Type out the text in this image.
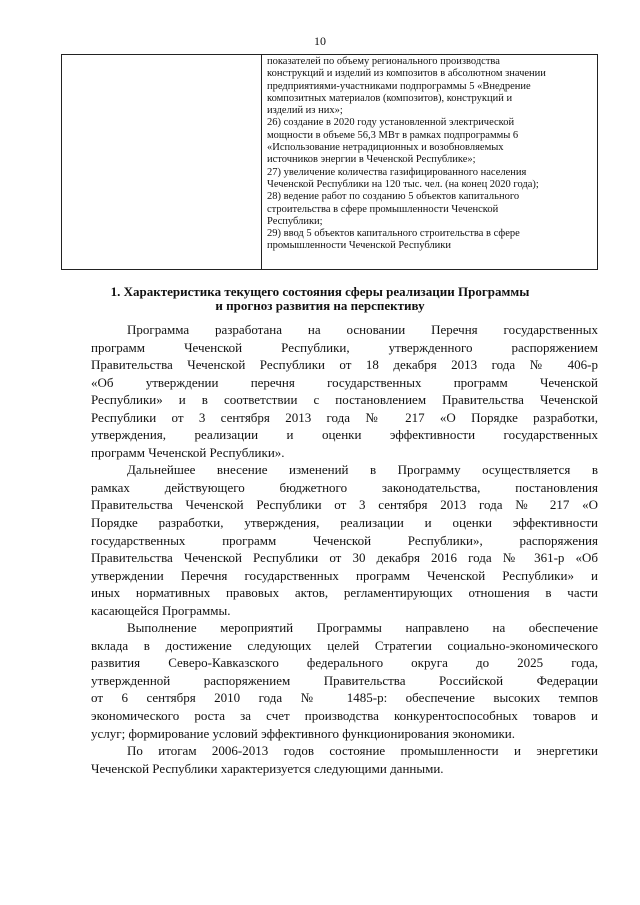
10
показателей по объему регионального производства
конструкций и изделий из композитов в абсолютном значении
предприятиями-участниками подпрограммы 5 «Внедрение
композитных материалов (композитов), конструкций и
изделий из них»;
26) создание в 2020 году установленной электрической
мощности в объеме 56,3 МВт в рамках подпрограммы 6
«Использование нетрадиционных и возобновляемых
источников энергии в Чеченской Республике»;
27) увеличение количества газифицированного населения
Чеченской Республики на 120 тыс. чел. (на конец 2020 года);
28) ведение работ по созданию 5 объектов капитального
строительства в сфере промышленности Чеченской
Республики;
29) ввод 5 объектов капитального строительства в сфере
промышленности Чеченской Республики
1. Характеристика текущего состояния сферы реализации Программы
и прогноз развития на перспективу
Программа разработана на основании Перечня государственных
программ Чеченской Республики, утвержденного распоряжением
Правительства Чеченской Республики от 18 декабря 2013 года № 406-р
«Об утверждении перечня государственных программ Чеченской
Республики» и в соответствии с постановлением Правительства Чеченской
Республики от 3 сентября 2013 года № 217 «О Порядке разработки,
утверждения, реализации и оценки эффективности государственных
программ Чеченской Республики».
Дальнейшее внесение изменений в Программу осуществляется в
рамках действующего бюджетного законодательства, постановления
Правительства Чеченской Республики от 3 сентября 2013 года № 217 «О
Порядке разработки, утверждения, реализации и оценки эффективности
государственных программ Чеченской Республики», распоряжения
Правительства Чеченской Республики от 30 декабря 2016 года № 361-р «Об
утверждении Перечня государственных программ Чеченской Республики» и
иных нормативных правовых актов, регламентирующих отношения в части
касающейся Программы.
Выполнение мероприятий Программы направлено на обеспечение
вклада в достижение следующих целей Стратегии социально-экономического
развития Северо-Кавказского федерального округа до 2025 года,
утвержденной распоряжением Правительства Российской Федерации
от 6 сентября 2010 года № 1485-р: обеспечение высоких темпов
экономического роста за счет производства конкурентоспособных товаров и
услуг; формирование условий эффективного функционирования экономики.
По итогам 2006-2013 годов состояние промышленности и энергетики
Чеченской Республики характеризуется следующими данными.
